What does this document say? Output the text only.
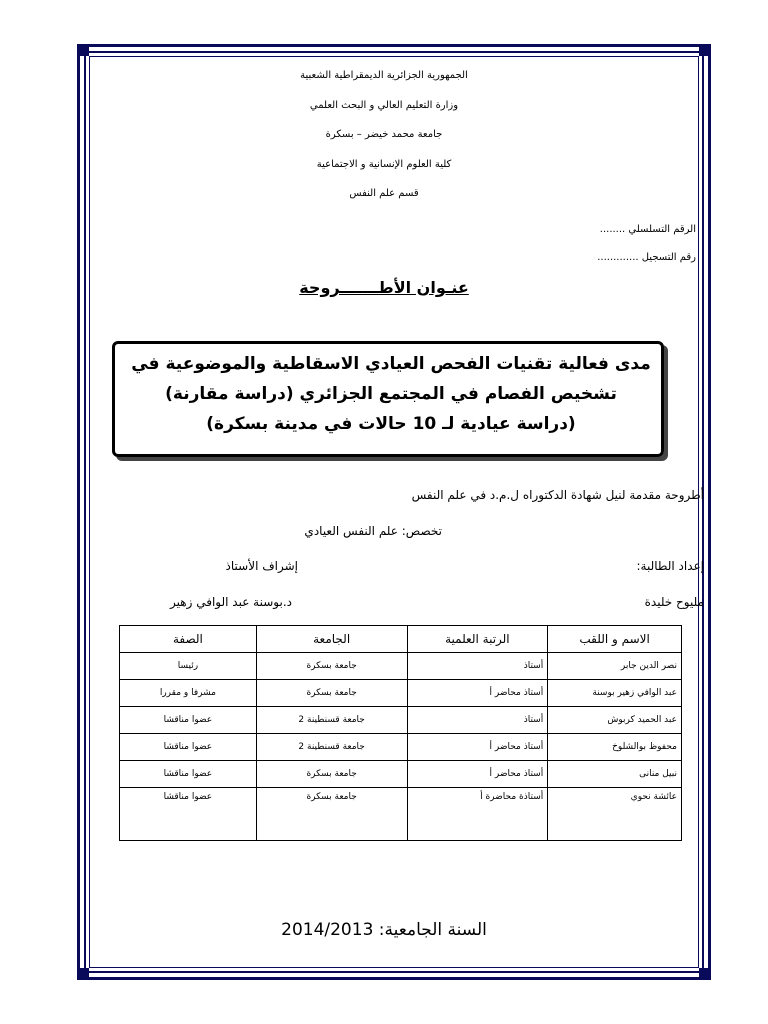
الجمهورية الجزائرية الديمقراطية الشعبية
وزارة التعليم العالي و البحث العلمي
جامعة محمد خيضر – بسكرة
كلية العلوم الإنسانية و الاجتماعية
قسم علم النفس
الرقم التسلسلي ........
رقم التسجيل .............
عنـوان الأطـــــــروحة
مدى فعالية تقنيات الفحص العيادي الاسقاطية والموضوعية في
تشخيص الفصام في المجتمع الجزائري (دراسة مقارنة)
(دراسة عيادية لـ 10 حالات في مدينة بسكرة)
أطروحة مقدمة لنيل شهادة الدكتوراه ل.م.د في علم النفس
تخصص: علم النفس العيادي
إعداد الطالبة:
إشراف الأستاذ
مليوح خليدة
د.بوسنة عبد الوافي زهير
الاسم و اللقب	الرتبة العلمية	الجامعة	الصفة
نصر الدين جابر	أستاذ	جامعة بسكرة	رئيسا
عبد الوافي زهير بوسنة	أستاذ محاضر أ	جامعة بسكرة	مشرفا و مقررا
عبد الحميد كربوش	أستاذ	جامعة قسنطينة 2	عضوا مناقشا
محفوظ بوالشلوخ	أستاذ محاضر أ	جامعة قسنطينة 2	عضوا مناقشا
نبيل منانى	أستاذ محاضر أ	جامعة بسكرة	عضوا مناقشا
عائشة نحوي	أستاذة محاضرة أ	جامعة بسكرة	عضوا مناقشا
السنة الجامعية: 2014/2013
